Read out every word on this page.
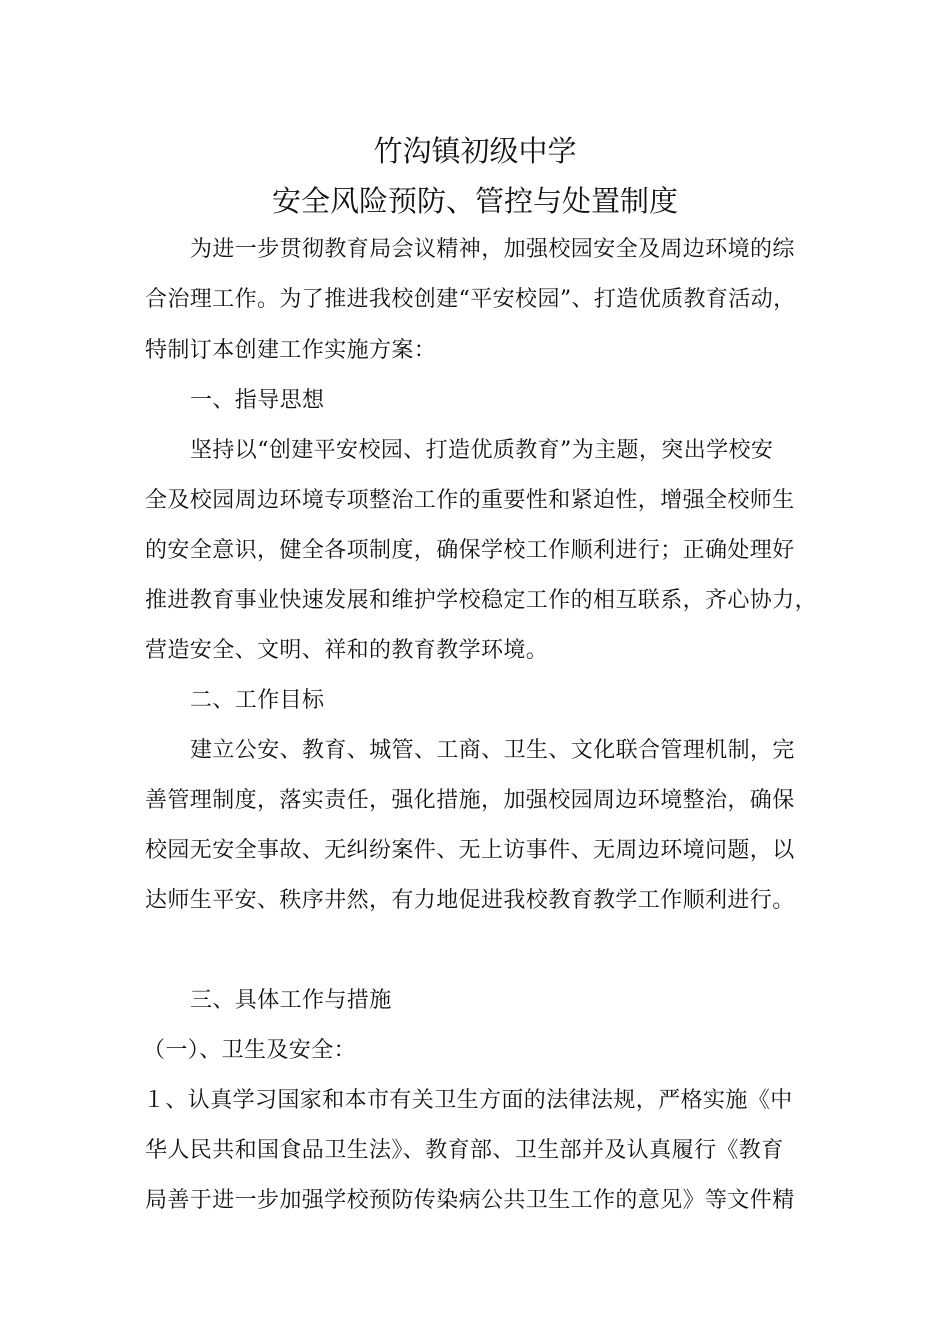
竹沟镇初级中学
安全风险预防、管控与处置制度
为进一步贯彻教育局会议精神，加强校园安全及周边环境的综
合治理工作。为了推进我校创建“平安校园”、打造优质教育活动，
特制订本创建工作实施方案：
一、指导思想
坚持以“创建平安校园、打造优质教育”为主题，突出学校安
全及校园周边环境专项整治工作的重要性和紧迫性，增强全校师生
的安全意识，健全各项制度，确保学校工作顺利进行；正确处理好
推进教育事业快速发展和维护学校稳定工作的相互联系，齐心协力，
营造安全、文明、祥和的教育教学环境。
二、工作目标
建立公安、教育、城管、工商、卫生、文化联合管理机制，完
善管理制度，落实责任，强化措施，加强校园周边环境整治，确保
校园无安全事故、无纠纷案件、无上访事件、无周边环境问题，以
达师生平安、秩序井然，有力地促进我校教育教学工作顺利进行。
三、具体工作与措施
（一）、卫生及安全：
１、认真学习国家和本市有关卫生方面的法律法规，严格实施《中
华人民共和国食品卫生法》、教育部、卫生部并及认真履行《教育
局善于进一步加强学校预防传染病公共卫生工作的意见》等文件精
